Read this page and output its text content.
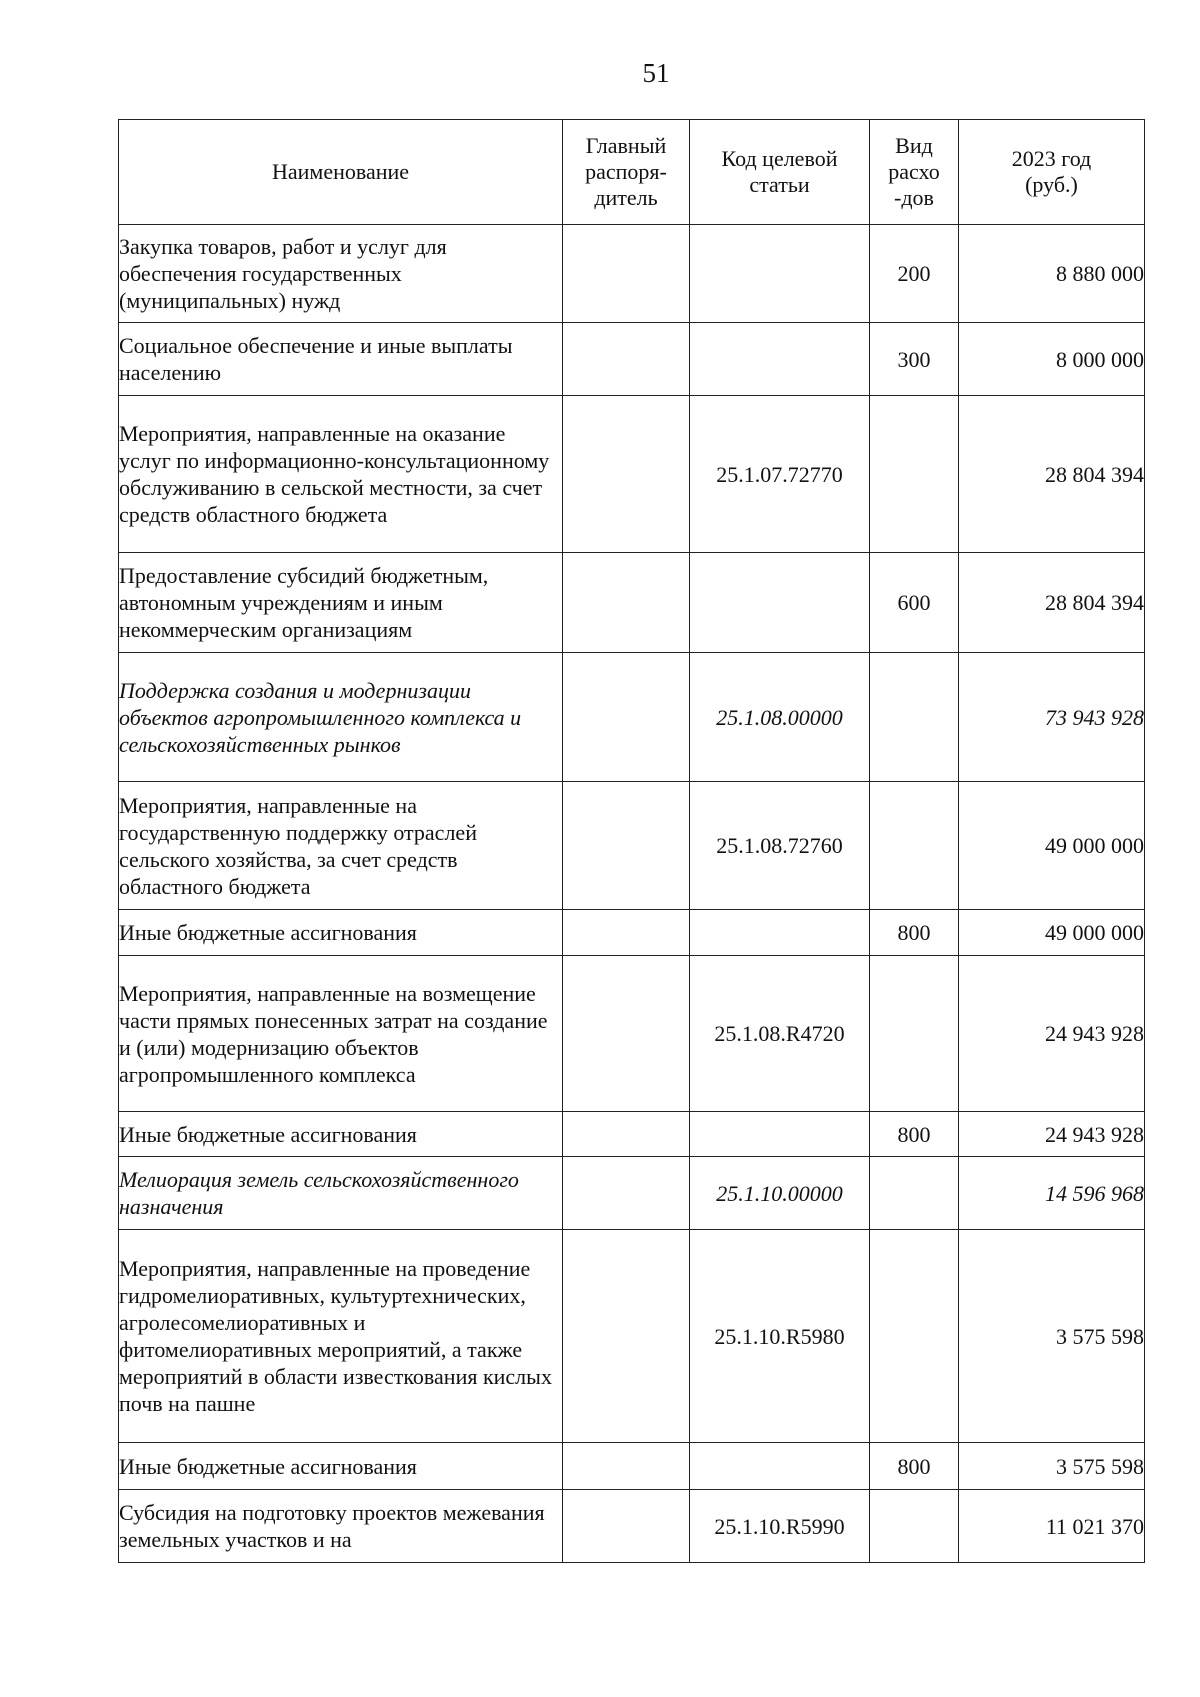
51
Наименование	Главный распоря-дитель	Код целевой статьи	Вид расхо-дов	2023 год (руб.)

Закупка товаров, работ и услуг для обеспечения государственных (муниципальных) нужд			200	8 880 000
Социальное обеспечение и иные выплаты населению			300	8 000 000
Мероприятия, направленные на оказание услуг по информационно-консультационному обслуживанию в сельской местности, за счет средств областного бюджета		25.1.07.72770		28 804 394
Предоставление субсидий бюджетным, автономным учреждениям и иным некоммерческим организациям			600	28 804 394
Поддержка создания и модернизации объектов агропромышленного комплекса и сельскохозяйственных рынков		25.1.08.00000		73 943 928
Мероприятия, направленные на государственную поддержку отраслей сельского хозяйства, за счет средств областного бюджета		25.1.08.72760		49 000 000
Иные бюджетные ассигнования			800	49 000 000
Мероприятия, направленные на возмещение части прямых понесенных затрат на создание и (или) модернизацию объектов агропромышленного комплекса		25.1.08.R4720		24 943 928
Иные бюджетные ассигнования			800	24 943 928
Мелиорация земель сельскохозяйственного назначения		25.1.10.00000		14 596 968
Мероприятия, направленные на проведение гидромелиоративных, культуртехнических, агролесомелиоративных и фитомелиоративных мероприятий, а также мероприятий в области известкования кислых почв на пашне		25.1.10.R5980		3 575 598
Иные бюджетные ассигнования			800	3 575 598
Субсидия на подготовку проектов межевания земельных участков и на		25.1.10.R5990		11 021 370
